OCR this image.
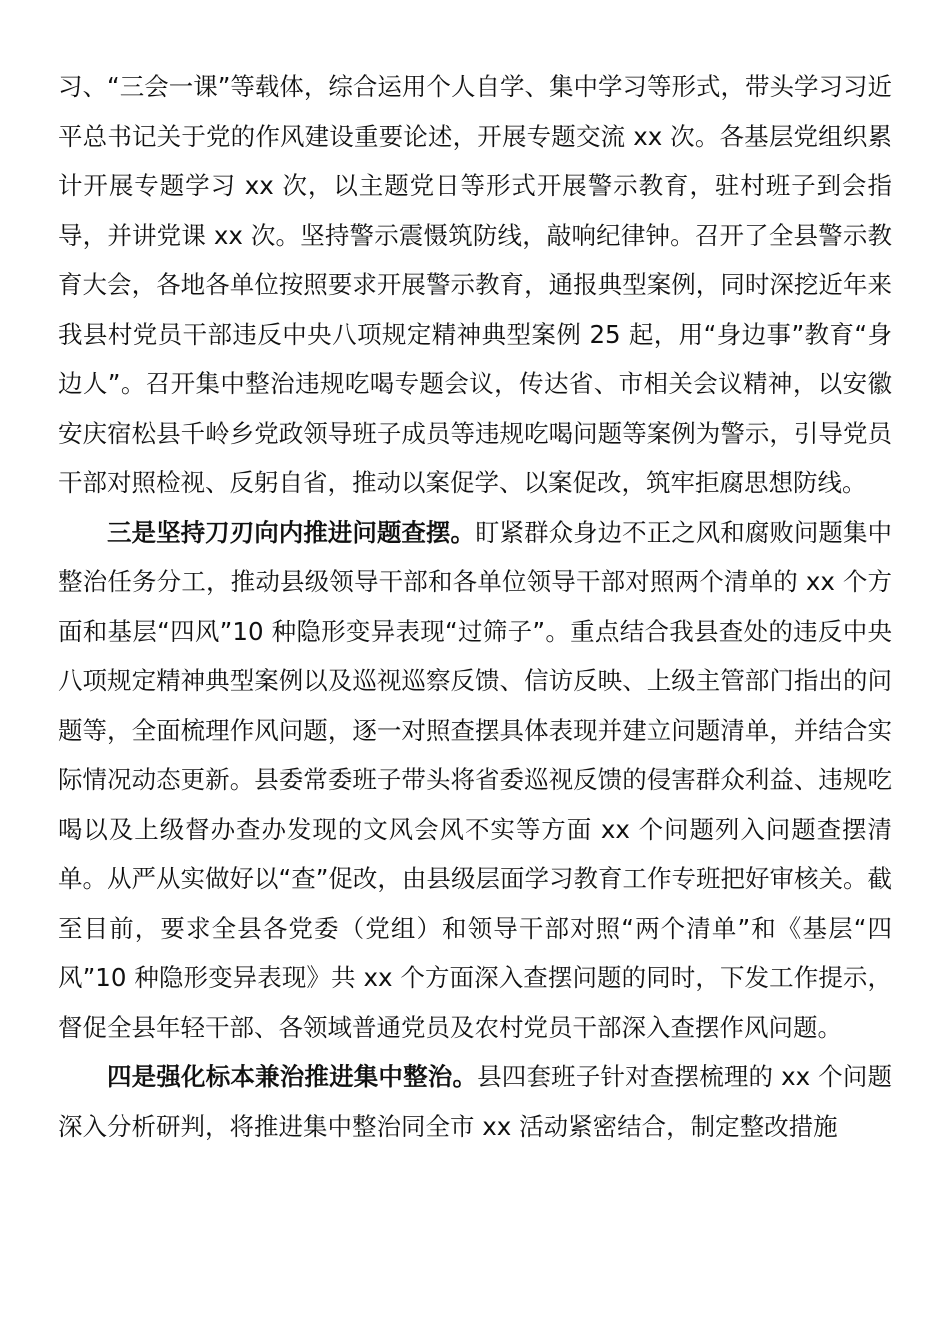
习、“三会一课”等载体，综合运用个人自学、集中学习等形式，带头学习习近平总书记关于党的作风建设重要论述，开展专题交流 xx 次。各基层党组织累计开展专题学习 xx 次，以主题党日等形式开展警示教育，驻村班子到会指导，并讲党课 xx 次。坚持警示震慑筑防线，敲响纪律钟。召开了全县警示教育大会，各地各单位按照要求开展警示教育，通报典型案例，同时深挖近年来我县村党员干部违反中央八项规定精神典型案例 25 起，用“身边事”教育“身边人”。召开集中整治违规吃喝专题会议，传达省、市相关会议精神，以安徽安庆宿松县千岭乡党政领导班子成员等违规吃喝问题等案例为警示，引导党员干部对照检视、反躬自省，推动以案促学、以案促改，筑牢拒腐思想防线。

三是坚持刀刃向内推进问题查摆。盯紧群众身边不正之风和腐败问题集中整治任务分工，推动县级领导干部和各单位领导干部对照两个清单的 xx 个方面和基层“四风”10 种隐形变异表现“过筛子”。重点结合我县查处的违反中央八项规定精神典型案例以及巡视巡察反馈、信访反映、上级主管部门指出的问题等，全面梳理作风问题，逐一对照查摆具体表现并建立问题清单，并结合实际情况动态更新。县委常委班子带头将省委巡视反馈的侵害群众利益、违规吃喝以及上级督办查办发现的文风会风不实等方面 xx 个问题列入问题查摆清单。从严从实做好以“查”促改，由县级层面学习教育工作专班把好审核关。截至目前，要求全县各党委（党组）和领导干部对照“两个清单”和《基层“四风”10 种隐形变异表现》共 xx 个方面深入查摆问题的同时，下发工作提示，督促全县年轻干部、各领域普通党员及农村党员干部深入查摆作风问题。

四是强化标本兼治推进集中整治。县四套班子针对查摆梳理的 xx 个问题深入分析研判，将推进集中整治同全市 xx 活动紧密结合，制定整改措施
